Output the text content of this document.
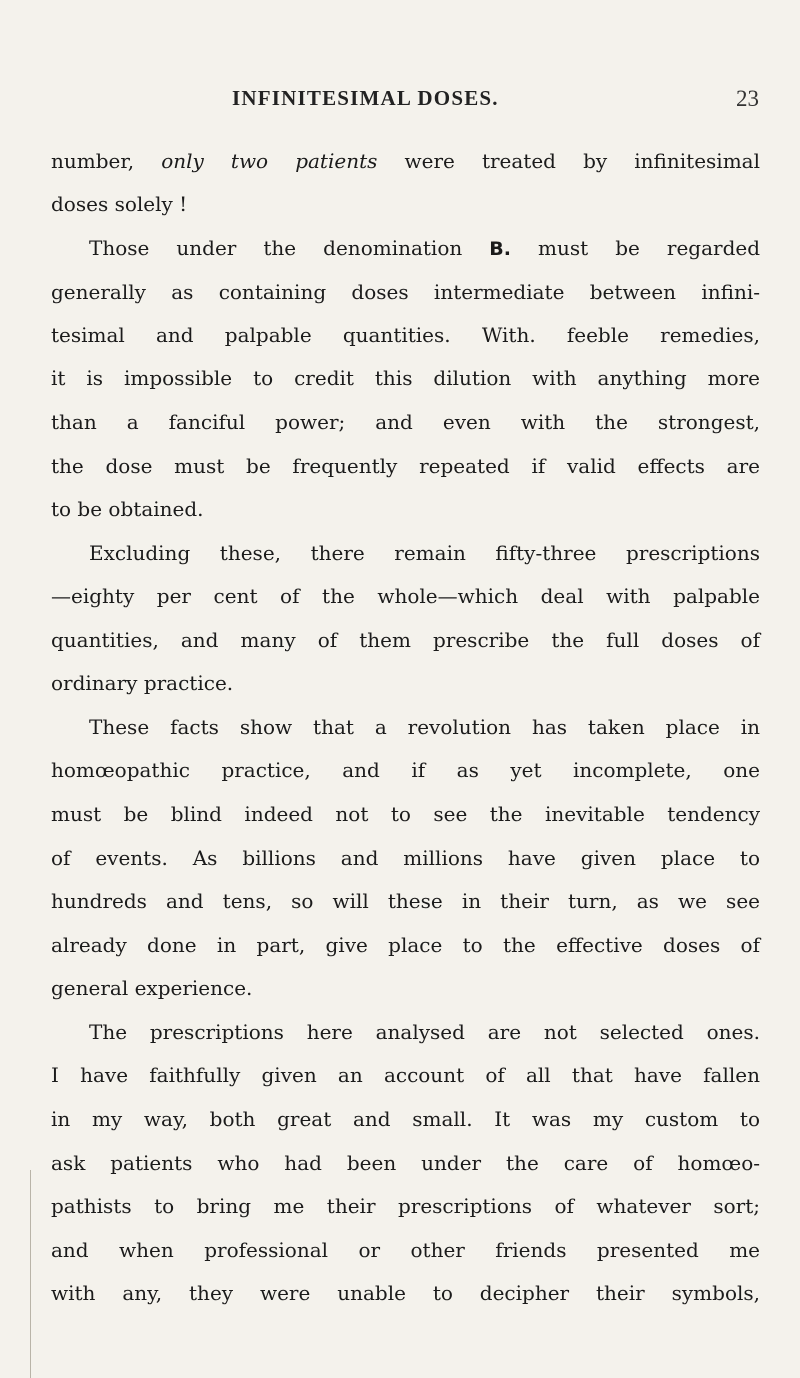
INFINITESIMAL DOSES.	23
number, only two patients were treated by infinitesimal
doses solely !
Those under the denomination B. must be regarded
generally as containing doses intermediate between infini-
tesimal and palpable quantities. With. feeble remedies,
it is impossible to credit this dilution with anything more
than a fanciful power; and even with the strongest,
the dose must be frequently repeated if valid effects are
to be obtained.
Excluding these, there remain fifty-three prescriptions
—eighty per cent of the whole—which deal with palpable
quantities, and many of them prescribe the full doses of
ordinary practice.
These facts show that a revolution has taken place in
homœopathic practice, and if as yet incomplete, one
must be blind indeed not to see the inevitable tendency
of events. As billions and millions have given place to
hundreds and tens, so will these in their turn, as we see
already done in part, give place to the effective doses of
general experience.
The prescriptions here analysed are not selected ones.
I have faithfully given an account of all that have fallen
in my way, both great and small. It was my custom to
ask patients who had been under the care of homœo-
pathists to bring me their prescriptions of whatever sort;
and when professional or other friends presented me
with any, they were unable to decipher their symbols,
